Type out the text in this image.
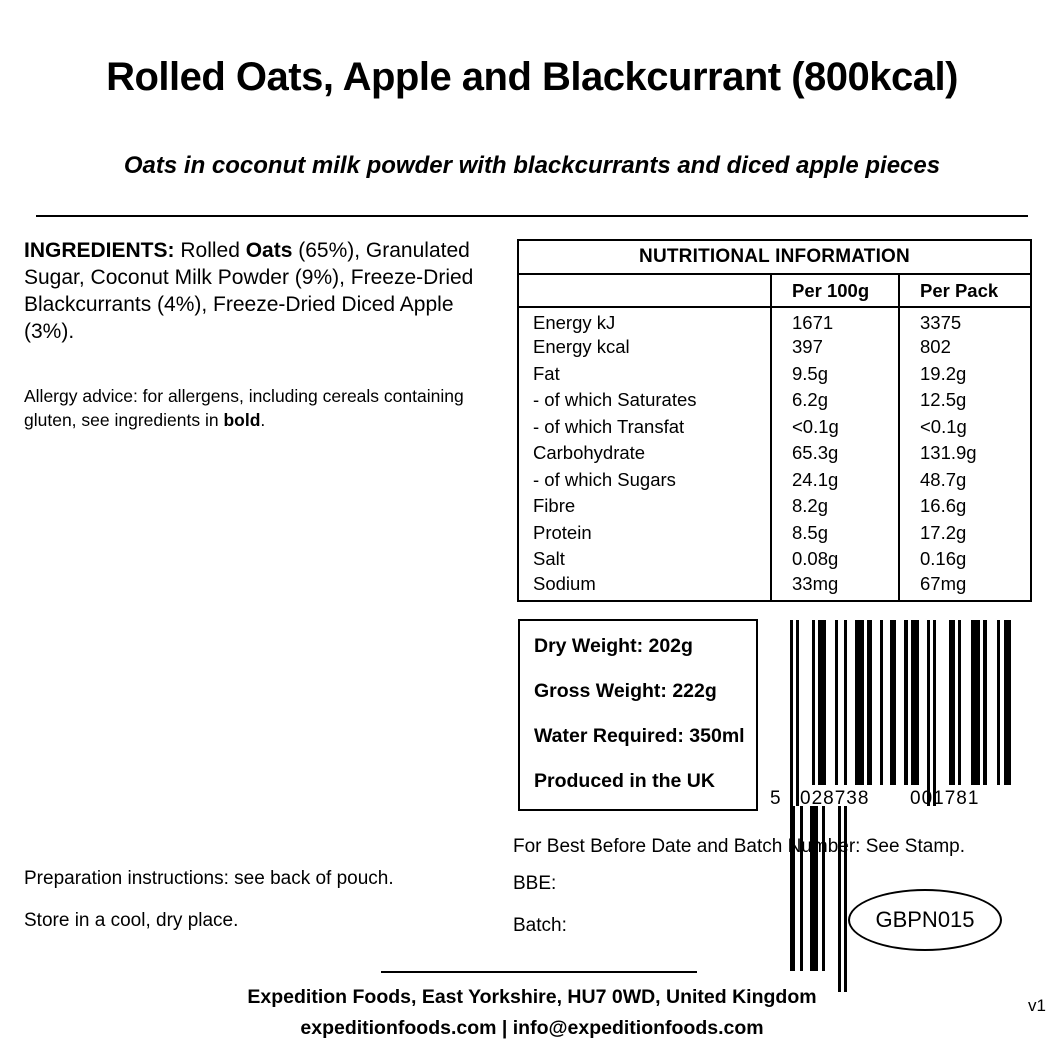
Rolled Oats, Apple and Blackcurrant (800kcal)
Oats in coconut milk powder with blackcurrants and diced apple pieces
INGREDIENTS: Rolled Oats (65%), Granulated Sugar, Coconut Milk Powder (9%), Freeze-Dried Blackcurrants (4%), Freeze-Dried Diced Apple (3%).
Allergy advice: for allergens, including cereals containing gluten, see ingredients in bold.
NUTRITIONAL INFORMATION
	Per 100g	Per Pack
Energy kJ	1671	3375
Energy kcal	397	802
Fat	9.5g	19.2g
- of which Saturates	6.2g	12.5g
- of which Transfat	<0.1g	<0.1g
Carbohydrate	65.3g	131.9g
- of which Sugars	24.1g	48.7g
Fibre	8.2g	16.6g
Protein	8.5g	17.2g
Salt	0.08g	0.16g
Sodium	33mg	67mg
Dry Weight: 202g
Gross Weight: 222g
Water Required: 350ml
Produced in the UK

5 028738 001781
For Best Before Date and Batch Number: See Stamp.
BBE:
Batch:	GBPN015
Preparation instructions: see back of pouch.
Store in a cool, dry place.
Expedition Foods, East Yorkshire, HU7 0WD, United Kingdom
expeditionfoods.com | info@expeditionfoods.com
v1
